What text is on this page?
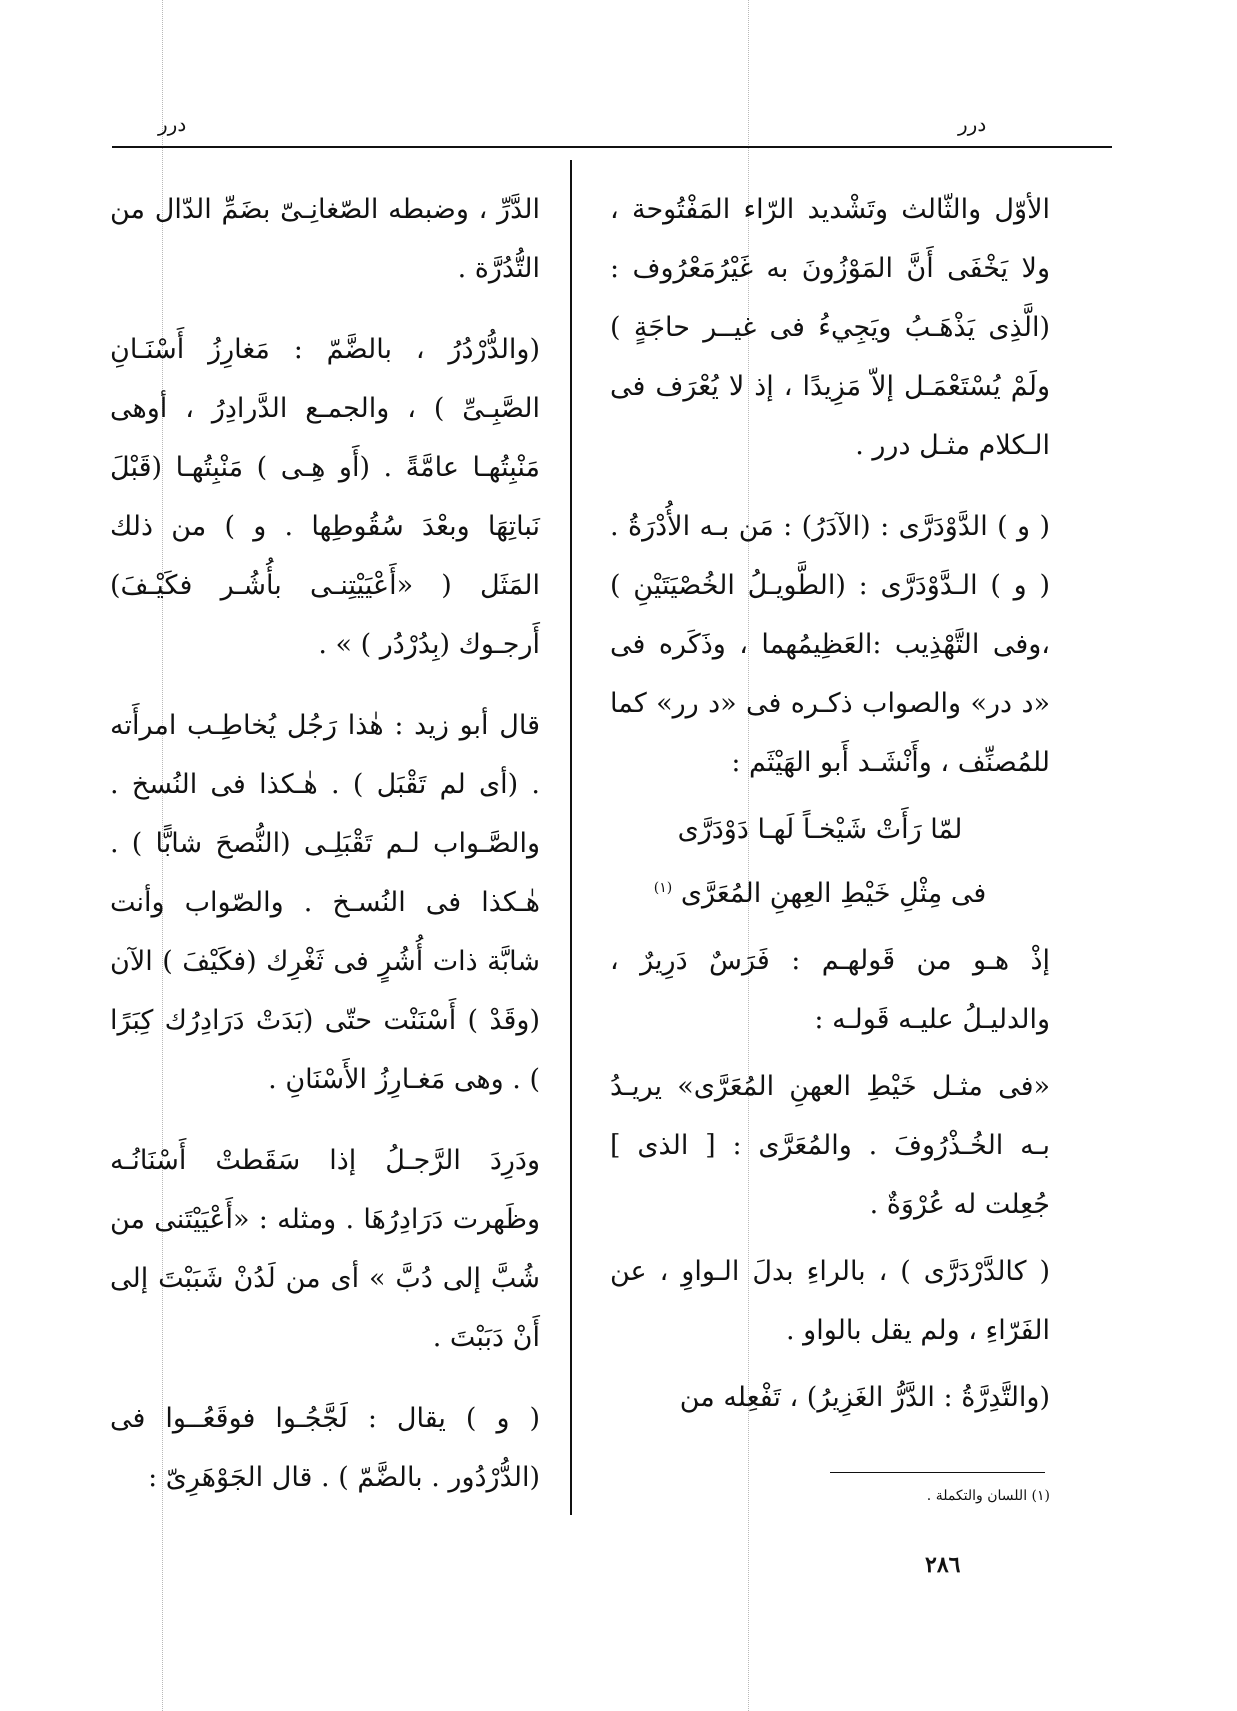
درر	درر

الأوّل والثّالث وتَشْديد الرّاء المَفْتُوحة ، ولا يَخْفَى أَنَّ المَوْزُونَ به غَيْرُمَعْرُوف : (الَّذِى يَذْهَـبُ ويَجِيءُ فى غيــر حاجَةٍ ) ولَمْ يُسْتَعْمَـل إلاّ مَزِيدًا ، إذ لا يُعْرَف فى الـكلام مثـل درر .

( و ) الدَّوْدَرَّى : (الآدَرُ) : مَن بـه الأُدْرَةُ . ( و ) الـدَّوْدَرَّى : (الطَّويـلُ الخُصْيَتَيْنِ ) ،وفى التَّهْذِيب :العَظِيمُهما ، وذَكَره فى «د در» والصواب ذكـره فى «د رر» كما للمُصنِّف ، وأَنْشَـد أَبو الهَيْثَم :

لمّا رَأَتْ شَيْخـاً لَهـا دَوْدَرَّى
فى مِثْلِ خَيْطِ العِهنِ المُعَرَّى $^{(١)}$

إذْ هـو من قَولهـم : فَرَسٌ دَرِيرٌ ، والدليـلُ عليـه قَولـه :

«فى مثـل خَيْطِ العهنِ المُعَرَّى» يريـدُ بـه الخُـذْرُوفَ . والمُعَرَّى : [ الذى ] جُعِلت له عُرْوَةٌ .

( كالدَّرْدَرَّى ) ، بالراءِ بدلَ الـواوِ ، عن الفَرّاءِ ، ولم يقل بالواو .

(والتَّدِرَّةُ : الدَّرُّ الغَزِيرُ) ، تَفْعِله من

الدَّرِّ ، وضبطه الصّغانِـىّ بضَمِّ الدّال من التُّدُرَّة .

(والدُّرْدُرُ ، بالضَّمّ : مَغارِزُ أَسْنَـانِ الصَّبِـىِّ ) ، والجمـع الدَّرادِرُ ، أوهى مَنْبِتُهـا عامَّةً . (أَو هِـى ) مَنْبِتُهـا (قَبْلَ نَباتِهَا وبعْدَ سُقُوطِها . و ) من ذلك المَثَل ( «أَعْيَيْتِنـى بأُشُـر فكَيْـفَ) أَرجـوك (بِدُرْدُر ) » .

قال أبو زيد : هٰذا رَجُل يُخاطِـب امرأَته . (أى لم تَقْبَل ) . هٰـكذا فى النُسخ . والصَّـواب لـم تَقْبَلِـى (النُّصحَ شابًّا ) . هٰـكذا فى النُسـخ . والصّواب وأنت شابَّة ذات أُشُرٍ فى ثَغْرِك (فكَيْفَ ) الآن (وقَدْ ) أَسْنَنْت حتّى (بَدَتْ دَرَادِرُك كِبَرًا ) . وهى مَغـارِزُ الأَسْنَانِ .

ودَرِدَ الرَّجـلُ إذا سَقَطتْ أَسْنَانُـه وظَهرت دَرَادِرُهَا . ومثله : «أَعْيَيْتَنى من شُبَّ إلى دُبَّ » أى من لَدُنْ شَبَبْتَ إلى أَنْ دَبَبْتَ .

( و ) يقال : لَجَّجُـوا فوقَعُــوا فى (الدُّرْدُور . بالضَّمّ ) . قال الجَوْهَرِىّ :

(١) اللسان والتكملة .
٢٨٦
